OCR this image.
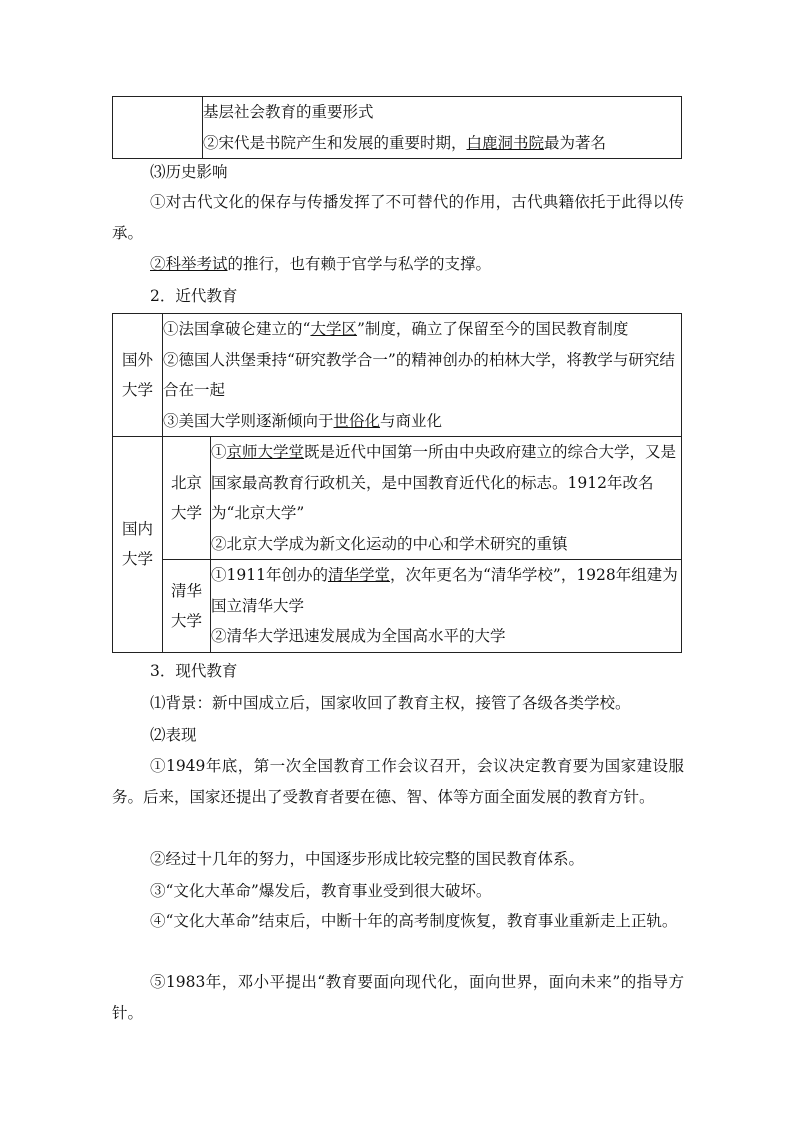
基层社会教育的重要形式
②宋代是书院产生和发展的重要时期，白鹿洞书院最为著名

⑶历史影响

①对古代文化的保存与传播发挥了不可替代的作用，古代典籍依托于此得以传承。

②科举考试的推行，也有赖于官学与私学的支撑。

2．近代教育

国外大学	①法国拿破仑建立的“大学区”制度，确立了保留至今的国民教育制度
②德国人洪堡秉持“研究教学合一”的精神创办的柏林大学，将教学与研究结合在一起
③美国大学则逐渐倾向于世俗化与商业化	

国内大学	北京大学	①京师大学堂既是近代中国第一所由中央政府建立的综合大学，又是国家最高教育行政机关，是中国教育近代化的标志。1912年改名为“北京大学”
②北京大学成为新文化运动的中心和学术研究的重镇

	清华大学	①1911年创办的清华学堂，次年更名为“清华学校”，1928年组建为国立清华大学
②清华大学迅速发展成为全国高水平的大学

3．现代教育

⑴背景：新中国成立后，国家收回了教育主权，接管了各级各类学校。

⑵表现

①1949年底，第一次全国教育工作会议召开，会议决定教育要为国家建设服务。后来，国家还提出了受教育者要在德、智、体等方面全面发展的教育方针。

②经过十几年的努力，中国逐步形成比较完整的国民教育体系。

③“文化大革命”爆发后，教育事业受到很大破坏。

④“文化大革命”结束后，中断十年的高考制度恢复，教育事业重新走上正轨。

⑤1983年，邓小平提出“教育要面向现代化，面向世界，面向未来”的指导方针。
